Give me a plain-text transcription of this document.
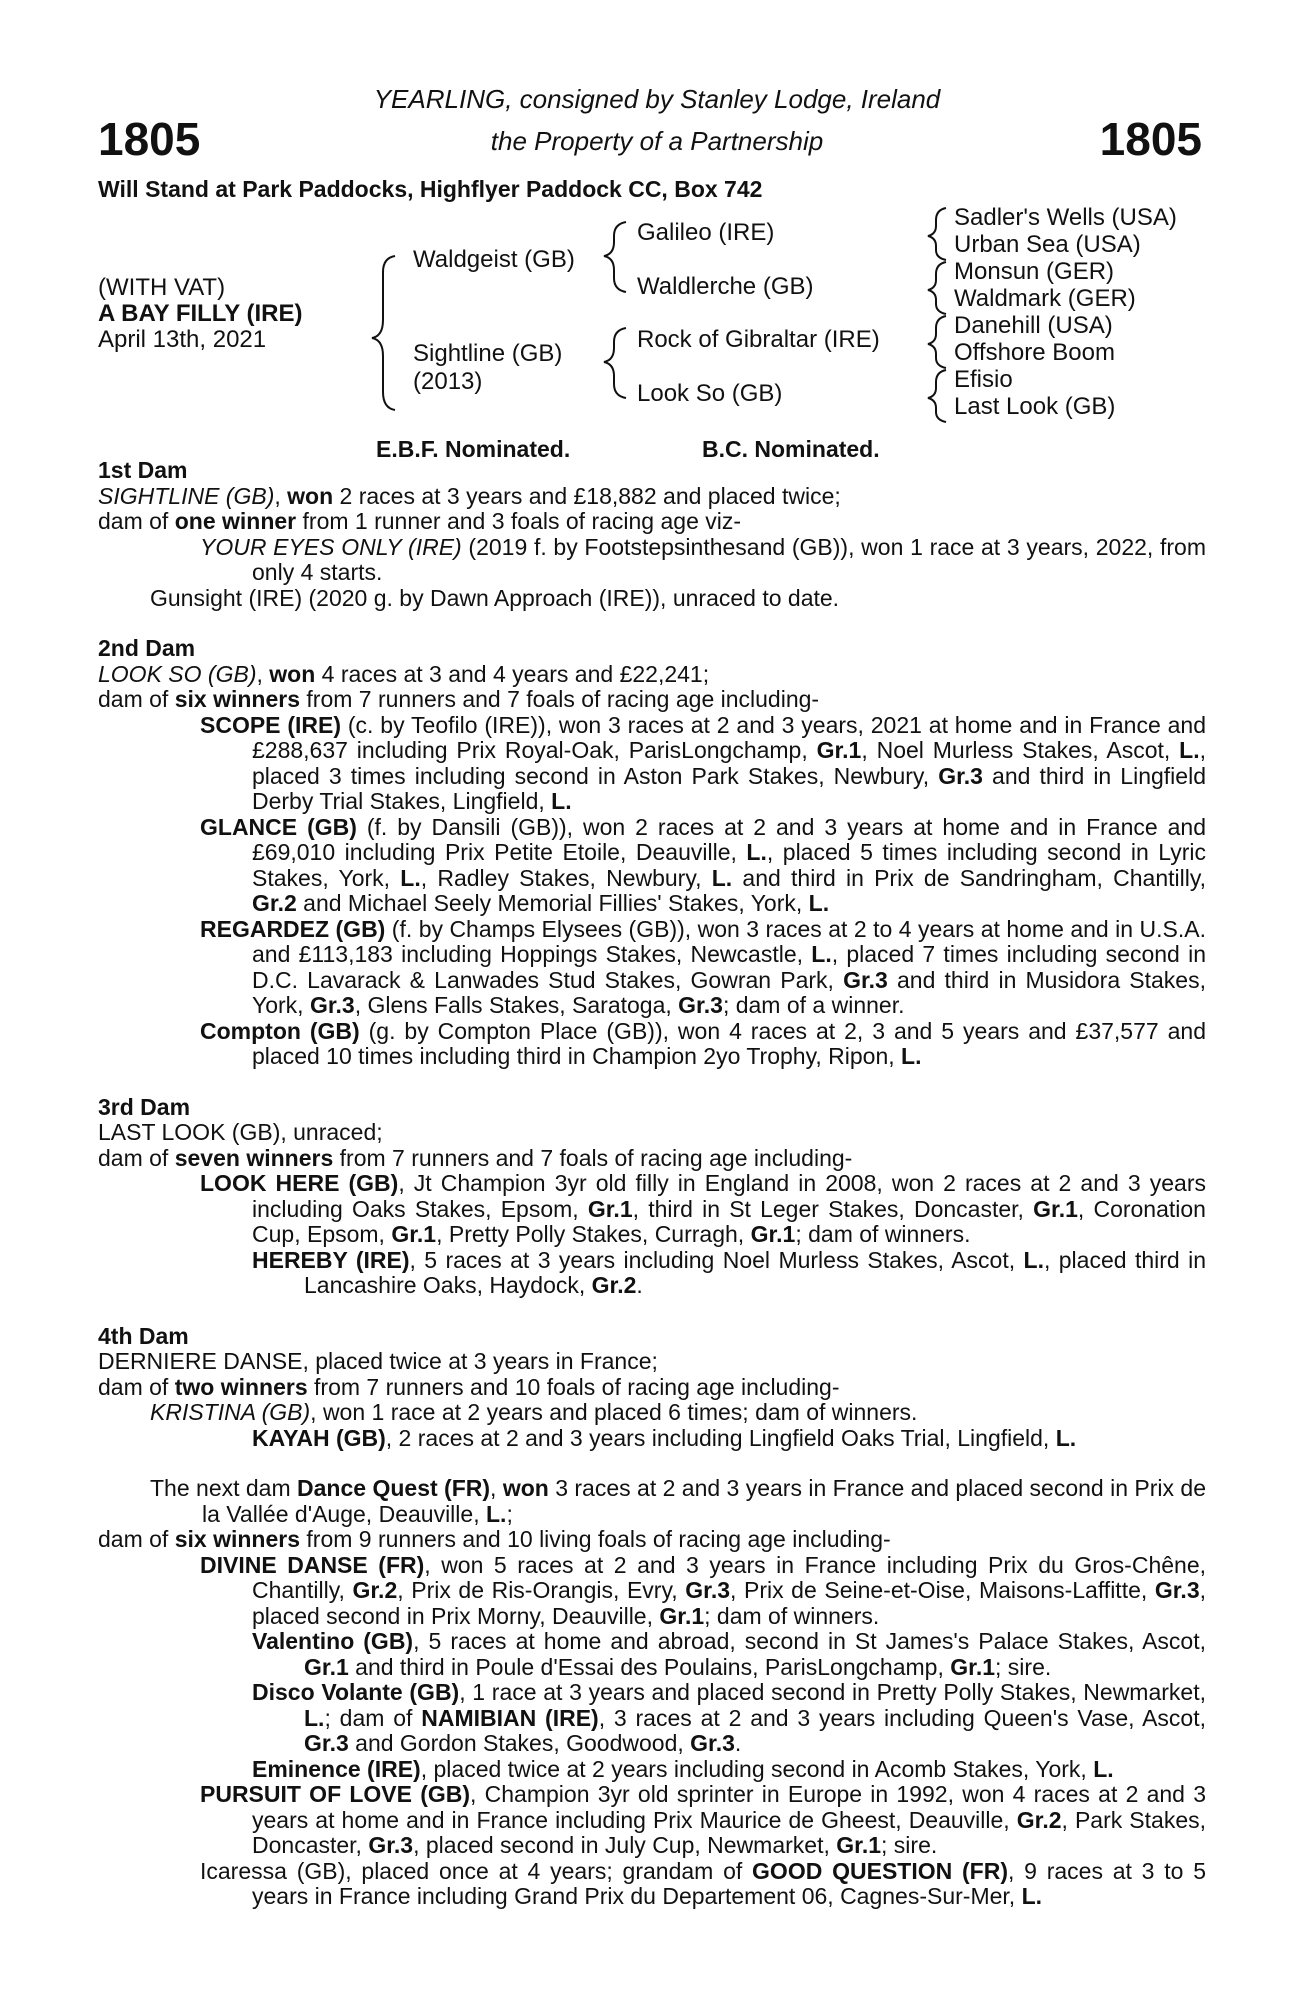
1805	1805
YEARLING, consigned by Stanley Lodge, Ireland
the Property of a Partnership
Will Stand at Park Paddocks, Highflyer Paddock CC, Box 742
(WITH VAT)
A BAY FILLY (IRE)
April 13th, 2021
Waldgeist (GB)
Sightline (GB)
(2013)
Galileo (IRE)
Waldlerche (GB)
Rock of Gibraltar (IRE)
Look So (GB)
Sadler's Wells (USA)
Urban Sea (USA)
Monsun (GER)
Waldmark (GER)
Danehill (USA)
Offshore Boom
Efisio
Last Look (GB)
E.B.F. Nominated.	B.C. Nominated.

1st Dam

SIGHTLINE (GB), won 2 races at 3 years and £18,882 and placed twice;

dam of one winner from 1 runner and 3 foals of racing age viz-

YOUR EYES ONLY (IRE) (2019 f. by Footstepsinthesand (GB)), won 1 race at 3 years, 2022, from only 4 starts.

Gunsight (IRE) (2020 g. by Dawn Approach (IRE)), unraced to date.

2nd Dam

LOOK SO (GB), won 4 races at 3 and 4 years and £22,241;

dam of six winners from 7 runners and 7 foals of racing age including-

SCOPE (IRE) (c. by Teofilo (IRE)), won 3 races at 2 and 3 years, 2021 at home and in France and £288,637 including Prix Royal-Oak, ParisLongchamp, Gr.1, Noel Murless Stakes, Ascot, L., placed 3 times including second in Aston Park Stakes, Newbury, Gr.3 and third in Lingfield Derby Trial Stakes, Lingfield, L.

GLANCE (GB) (f. by Dansili (GB)), won 2 races at 2 and 3 years at home and in France and £69,010 including Prix Petite Etoile, Deauville, L., placed 5 times including second in Lyric Stakes, York, L., Radley Stakes, Newbury, L. and third in Prix de Sandringham, Chantilly, Gr.2 and Michael Seely Memorial Fillies' Stakes, York, L.

REGARDEZ (GB) (f. by Champs Elysees (GB)), won 3 races at 2 to 4 years at home and in U.S.A. and £113,183 including Hoppings Stakes, Newcastle, L., placed 7 times including second in D.C. Lavarack & Lanwades Stud Stakes, Gowran Park, Gr.3 and third in Musidora Stakes, York, Gr.3, Glens Falls Stakes, Saratoga, Gr.3; dam of a winner.

Compton (GB) (g. by Compton Place (GB)), won 4 races at 2, 3 and 5 years and £37,577 and placed 10 times including third in Champion 2yo Trophy, Ripon, L.

3rd Dam

LAST LOOK (GB), unraced;

dam of seven winners from 7 runners and 7 foals of racing age including-

LOOK HERE (GB), Jt Champion 3yr old filly in England in 2008, won 2 races at 2 and 3 years including Oaks Stakes, Epsom, Gr.1, third in St Leger Stakes, Doncaster, Gr.1, Coronation Cup, Epsom, Gr.1, Pretty Polly Stakes, Curragh, Gr.1; dam of winners.

HEREBY (IRE), 5 races at 3 years including Noel Murless Stakes, Ascot, L., placed third in Lancashire Oaks, Haydock, Gr.2.

4th Dam

DERNIERE DANSE, placed twice at 3 years in France;

dam of two winners from 7 runners and 10 foals of racing age including-

KRISTINA (GB), won 1 race at 2 years and placed 6 times; dam of winners.

KAYAH (GB), 2 races at 2 and 3 years including Lingfield Oaks Trial, Lingfield, L.

The next dam Dance Quest (FR), won 3 races at 2 and 3 years in France and placed second in Prix de la Vallée d'Auge, Deauville, L.;

dam of six winners from 9 runners and 10 living foals of racing age including-

DIVINE DANSE (FR), won 5 races at 2 and 3 years in France including Prix du Gros-Chêne, Chantilly, Gr.2, Prix de Ris-Orangis, Evry, Gr.3, Prix de Seine-et-Oise, Maisons-Laffitte, Gr.3, placed second in Prix Morny, Deauville, Gr.1; dam of winners.

Valentino (GB), 5 races at home and abroad, second in St James's Palace Stakes, Ascot, Gr.1 and third in Poule d'Essai des Poulains, ParisLongchamp, Gr.1; sire.

Disco Volante (GB), 1 race at 3 years and placed second in Pretty Polly Stakes, Newmarket, L.; dam of NAMIBIAN (IRE), 3 races at 2 and 3 years including Queen's Vase, Ascot, Gr.3 and Gordon Stakes, Goodwood, Gr.3.

Eminence (IRE), placed twice at 2 years including second in Acomb Stakes, York, L.

PURSUIT OF LOVE (GB), Champion 3yr old sprinter in Europe in 1992, won 4 races at 2 and 3 years at home and in France including Prix Maurice de Gheest, Deauville, Gr.2, Park Stakes, Doncaster, Gr.3, placed second in July Cup, Newmarket, Gr.1; sire.

Icaressa (GB), placed once at 4 years; grandam of GOOD QUESTION (FR), 9 races at 3 to 5 years in France including Grand Prix du Departement 06, Cagnes-Sur-Mer, L.
